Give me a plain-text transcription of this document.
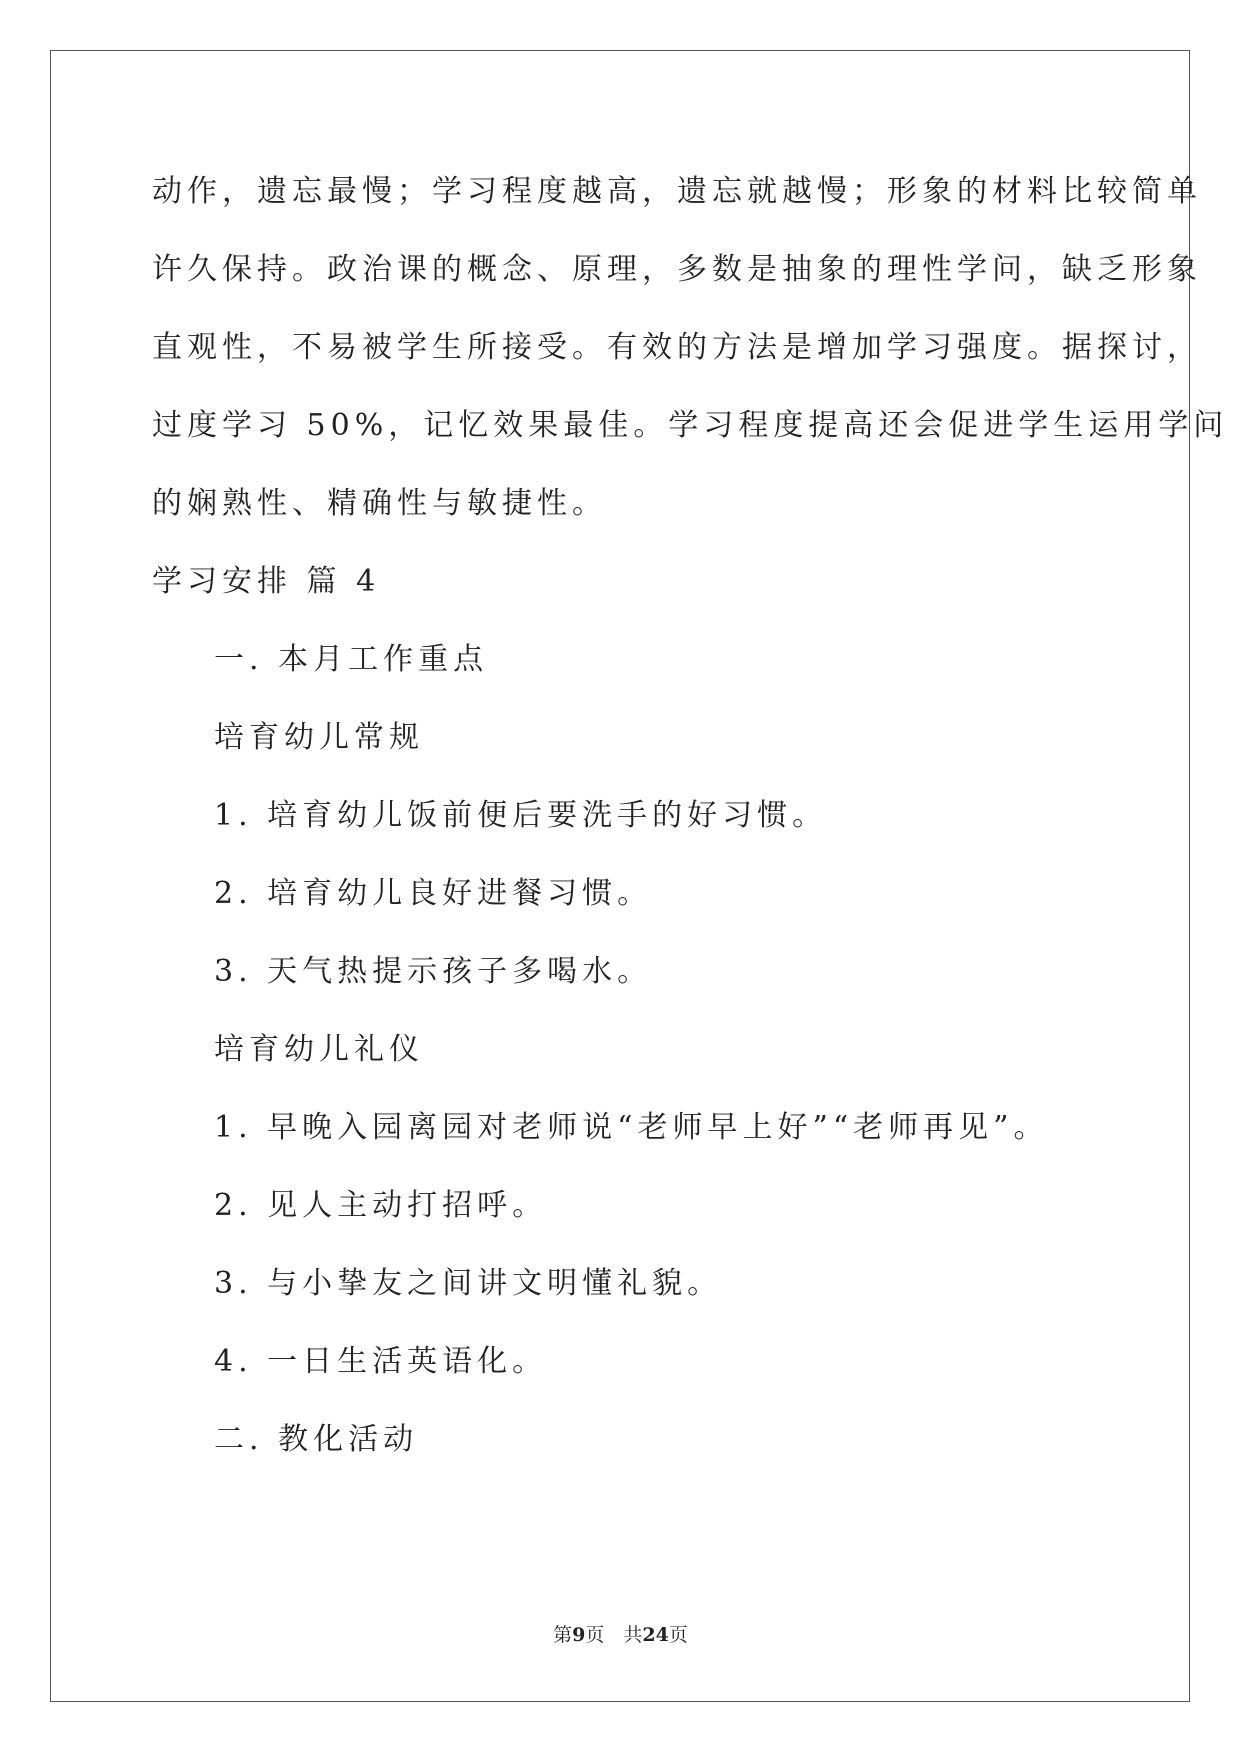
动作，遗忘最慢；学习程度越高，遗忘就越慢；形象的材料比较简单
许久保持。政治课的概念、原理，多数是抽象的理性学问，缺乏形象
直观性，不易被学生所接受。有效的方法是增加学习强度。据探讨，
过度学习 50%，记忆效果最佳。学习程度提高还会促进学生运用学问
的娴熟性、精确性与敏捷性。
学习安排 篇 4
一. 本月工作重点
培育幼儿常规
1. 培育幼儿饭前便后要洗手的好习惯。
2. 培育幼儿良好进餐习惯。
3. 天气热提示孩子多喝水。
培育幼儿礼仪
1. 早晚入园离园对老师说“老师早上好”“老师再见”。
2. 见人主动打招呼。
3. 与小挚友之间讲文明懂礼貌。
4. 一日生活英语化。
二. 教化活动
第9页　共24页
